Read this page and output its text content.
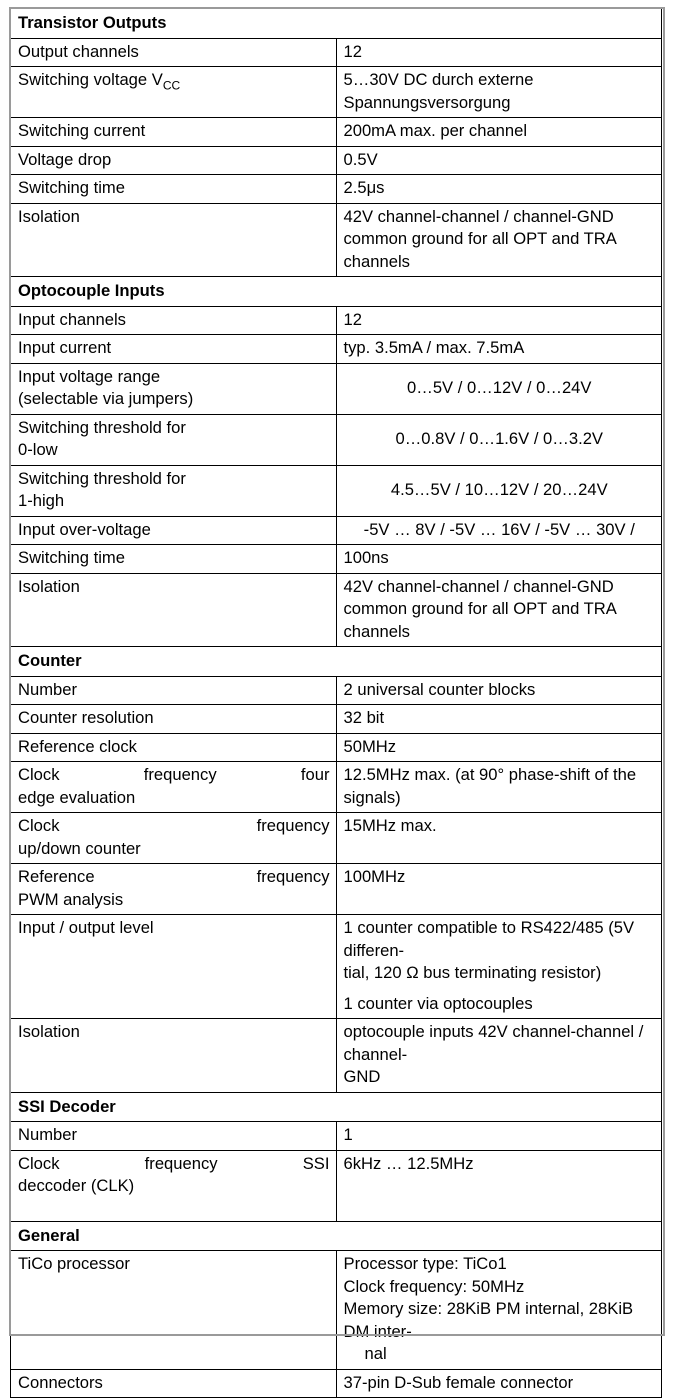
Transistor Outputs	

Output channels	12

Switching voltage $V_{CC}$	5…30V DC durch externe Spannungsversorgung

Switching current	200mA max. per channel

Voltage drop	0.5V

Switching time	2.5μs

Isolation	42V channel-channel / channel-GND
common ground for all OPT and TRA channels

Optocouple Inputs	

Input channels	12

Input current	typ. 3.5mA / max. 7.5mA

Input voltage range
(selectable via jumpers)	0…5V / 0…12V / 0…24V

Switching threshold for
0-low	0…0.8V / 0…1.6V / 0…3.2V

Switching threshold for
1-high	4.5…5V / 10…12V / 20…24V

Input over-voltage	-5V … 8V / -5V … 16V / -5V … 30V /

Switching time	100ns

Isolation	42V channel-channel / channel-GND
common ground for all OPT and TRA channels

Counter	

Number	2 universal counter blocks

Counter resolution	32 bit

Reference clock	50MHz

Clock frequency four
edge evaluation	12.5MHz max. (at 90° phase-shift of the signals)

Clock frequency
up/down counter	15MHz max.

Reference frequency
PWM analysis	100MHz

Input / output level	1 counter compatible to RS422/485 (5V differen-
tial, 120 Ω bus terminating resistor)
1 counter via optocouples

Isolation	optocouple inputs 42V channel-channel / channel-
GND

SSI Decoder	

Number	1

Clock frequency SSI
deccoder (CLK)	6kHz … 12.5MHz

General	

TiCo processor	Processor type: TiCo1
Clock frequency: 50MHz
Memory size: 28KiB PM internal, 28KiB DM inter-
nal

Connectors	37-pin D-Sub female connector
